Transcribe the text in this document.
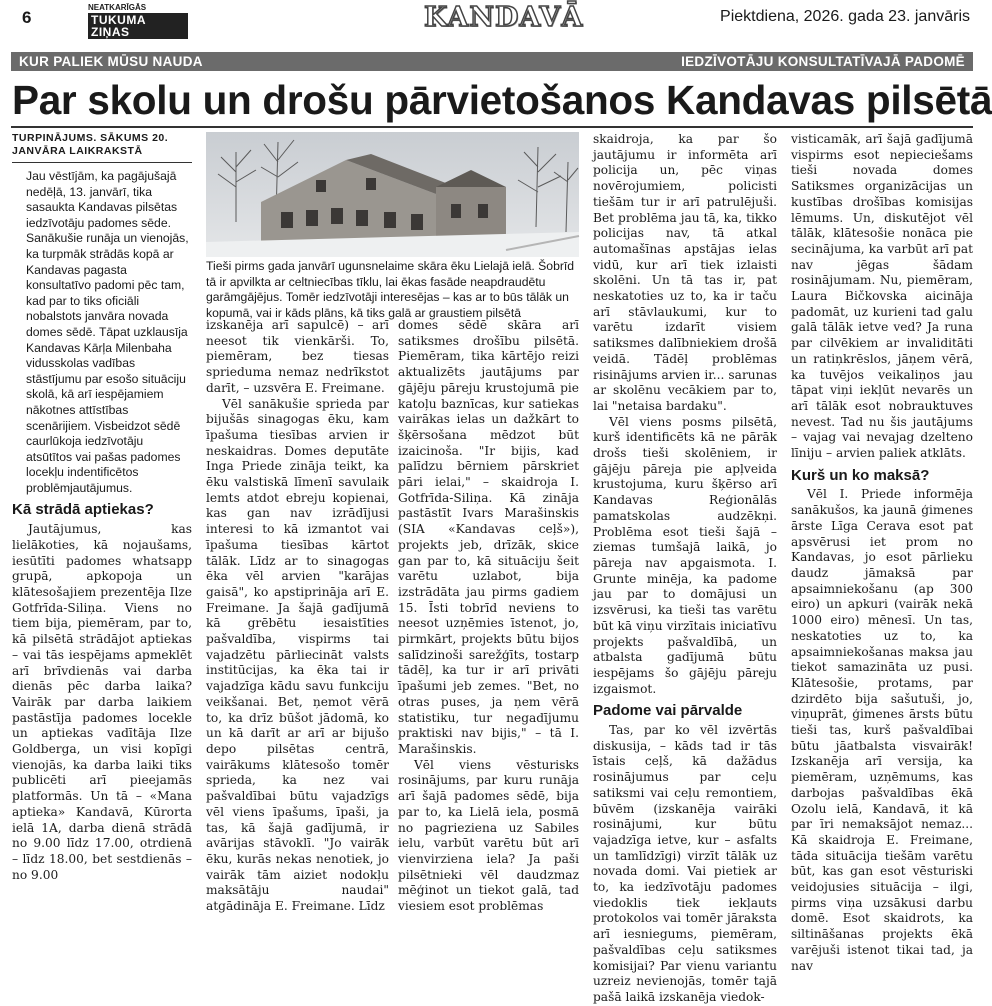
6
NEATKARĪGĀS
TUKUMA ZIŅAS	KANDAVĀ	Piektdiena, 2026. gada 23. janvāris
KUR PALIEK MŪSU NAUDA	IEDZĪVOTĀJU KONSULTATĪVAJĀ PADOMĒ
Par skolu un drošu pārvietošanos Kandavas pilsētā
TURPINĀJUMS. SĀKUMS 20. JANVĀRA LAIKRAKSTĀ

Jau vēstījām, ka pagājušajā nedēļā, 13. janvārī, tika sasaukta Kandavas pilsētas iedzīvotāju padomes sēde. Sanākušie runāja un vienojās, ka turpmāk strādās kopā ar Kandavas pagasta konsultatīvo padomi pēc tam, kad par to tiks oficiāli nobalstots janvāra novada domes sēdē. Tāpat uzklausīja Kandavas Kārļa Milenbaha vidusskolas vadības stāstījumu par esošo situāciju skolā, kā arī iespējamiem nākotnes attīstības scenārijiem. Visbeidzot sēdē caurlūkoja iedzīvotāju atsūtītos vai pašas padomes locekļu indentificētos problēmjautājumus.

Kā strādā aptiekas?

Jautājumus, kas lielākoties, kā nojaušams, iesūtīti padomes whatsapp grupā, apkopoja un klātesošajiem prezentēja Ilze Gotfrīda-Siliņa. Viens no tiem bija, piemēram, par to, kā pilsētā strādājot aptiekas – vai tās iespējams apmeklēt arī brīvdienās vai darba dienās pēc darba laika? Vairāk par darba laikiem pastāstīja padomes locekle un aptiekas vadītāja Ilze Goldberga, un visi kopīgi vienojās, ka darba laiki tiks publicēti arī pieejamās platformās. Un tā – «Mana aptieka» Kandavā, Kūrorta ielā 1A, darba dienā strādā no 9.00 līdz 17.00, otrdienā – līdz 18.00, bet sestdienās – no 9.00

Tieši pirms gada janvārī ugunsnelaime skāra ēku Lielajā ielā. Šobrīd tā ir apvilkta ar celtniecības tīklu, lai ēkas fasāde neapdraudētu garāmgājējus. Tomēr iedzīvotāji interesējas – kas ar to būs tālāk un kopumā, vai ir kāds plāns, kā tiks galā ar graustiem pilsētā

izskanēja arī sapulcē) – arī neesot tik vienkārši. To, piemēram, bez tiesas sprieduma nemaz nedrīkstot darīt, – uzsvēra E. Freimane.

Vēl sanākušie sprieda par bijušās sinagogas ēku, kam īpašuma tiesības arvien ir neskaidras. Domes deputāte Inga Priede zināja teikt, ka ēku valstiskā līmenī savulaik lemts atdot ebreju kopienai, kas gan nav izrādījusi interesi to kā izmantot vai īpašuma tiesības kārtot tālāk. Līdz ar to sinagogas ēka vēl arvien "karājas gaisā", ko apstiprināja arī E. Freimane. Ja šajā gadījumā kā grēbētu iesaistīties pašvaldība, vispirms tai vajadzētu pārliecināt valsts institūcijas, ka ēka tai ir vajadzīga kādu savu funkciju veikšanai. Bet, ņemot vērā to, ka drīz būšot jādomā, ko un kā darīt ar arī ar bijušo depo pilsētas centrā, vairākums klātesošo tomēr sprieda, ka nez vai pašvaldībai būtu vajadzīgs vēl viens īpašums, īpaši, ja tas, kā šajā gadījumā, ir avārijas stāvoklī. "Jo vairāk ēku, kurās nekas nenotiek, jo vairāk tām aiziet nodokļu maksātāju naudai" atgādināja E. Freimane. Līdz

domes sēdē skāra arī satiksmes drošību pilsētā. Piemēram, tika kārtējo reizi aktualizēts jautājums par gājēju pāreju krustojumā pie katoļu baznīcas, kur satiekas vairākas ielas un dažkārt to šķērsošana mēdzot būt izaicinoša. "Ir bijis, kad palīdzu bērniem pārskriet pāri ielai," – skaidroja I. Gotfrīda-Siliņa. Kā zināja pastāstīt Ivars Marašinskis (SIA «Kandavas ceļš»), projekts jeb, drīzāk, skice gan par to, kā situāciju šeit varētu uzlabot, bija izstrādāta jau pirms gadiem 15. Īsti tobrīd neviens to neesot uzņēmies īstenot, jo, pirmkārt, projekts būtu bijos salīdzinoši sarežģīts, tostarp tādēļ, ka tur ir arī privāti īpašumi jeb zemes. "Bet, no otras puses, ja ņem vērā statistiku, tur negadījumu praktiski nav bijis," – tā I. Marašinskis.

Vēl viens vēsturisks rosinājums, par kuru runāja arī šajā padomes sēdē, bija par to, ka Lielā iela, posmā no pagrieziena uz Sabiles ielu, varbūt varētu būt arī vienvirziena iela? Ja paši pilsētnieki vēl daudzmaz mēģinot un tiekot galā, tad viesiem esot problēmas

skaidroja, ka par šo jautājumu ir informēta arī policija un, pēc viņas novērojumiem, policisti tiešām tur ir arī patrulējuši. Bet problēma jau tā, ka, tikko policijas nav, tā atkal automašīnas apstājas ielas vidū, kur arī tiek izlaisti skolēni. Un tā tas ir, pat neskatoties uz to, ka ir taču arī stāvlaukumi, kur to varētu izdarīt visiem satiksmes dalībniekiem drošā veidā. Tādēļ problēmas risinājums arvien ir... sarunas ar skolēnu vecākiem par to, lai "netaisa bardaku".

Vēl viens posms pilsētā, kurš identificēts kā ne pārāk drošs tieši skolēniem, ir gājēju pāreja pie apļveida krustojuma, kuru šķērso arī Kandavas Reģionālās pamatskolas audzēkņi. Problēma esot tieši šajā – ziemas tumšajā laikā, jo pāreja nav apgaismota. I. Grunte minēja, ka padome jau par to domājusi un izsvērusi, ka tieši tas varētu būt kā viņu virzītais iniciatīvu projekts pašvaldībā, un atbalsta gadījumā būtu iespējams šo gājēju pāreju izgaismot.

Padome vai pārvalde

Tas, par ko vēl izvērtās diskusija, – kāds tad ir tās īstais ceļš, kā dažādus rosinājumus par ceļu satiksmi vai ceļu remontiem, būvēm (izskanēja vairāki rosinājumi, kur būtu vajadzīga ietve, kur – asfalts un tamlīdzīgi) virzīt tālāk uz novada domi. Vai pietiek ar to, ka iedzīvotāju padomes viedoklis tiek iekļauts protokolos vai tomēr jāraksta arī iesniegums, piemēram, pašvaldības ceļu satiksmes komisijai? Par vienu variantu uzreiz nevienojās, tomēr tajā pašā laikā izskanēja viedok-

visticamāk, arī šajā gadījumā vispirms esot nepieciešams tieši novada domes Satiksmes organizācijas un kustības drošības komisijas lēmums. Un, diskutējot vēl tālāk, klātesošie nonāca pie secinājuma, ka varbūt arī pat nav jēgas šādam rosinājumam. Nu, piemēram, Laura Bičkovska aicināja padomāt, uz kurieni tad galu galā tālāk ietve ved? Ja runa par cilvēkiem ar invaliditāti un ratiņkrēslos, jāņem vērā, ka tuvējos veikaliņos jau tāpat viņi iekļūt nevarēs un arī tālāk esot nobrauktuves nevest. Tad nu šis jautājums – vajag vai nevajag dzelteno līniju – arvien paliek atklāts.

Kurš un ko maksā?

Vēl I. Priede informēja sanākušos, ka jaunā ģimenes ārste Līga Cerava esot pat apsvērusi iet prom no Kandavas, jo esot pārlieku daudz jāmaksā par apsaimniekošanu (ap 300 eiro) un apkuri (vairāk nekā 1000 eiro) mēnesī. Un tas, neskatoties uz to, ka apsaimniekošanas maksa jau tiekot samazināta uz pusi. Klātesošie, protams, par dzirdēto bija sašutuši, jo, viņuprāt, ģimenes ārsts būtu tieši tas, kurš pašvaldībai būtu jāatbalsta visvairāk! Izskanēja arī versija, ka piemēram, uzņēmums, kas darbojas pašvaldības ēkā Ozolu ielā, Kandavā, it kā par īri nemaksājot nemaz... Kā skaidroja E. Freimane, tāda situācija tiešām varētu būt, kas gan esot vēsturiski veidojusies situācija – ilgi, pirms viņa uzsākusi darbu domē. Esot skaidrots, ka siltināšanas projekts ēkā varējuši istenot tikai tad, ja nav
